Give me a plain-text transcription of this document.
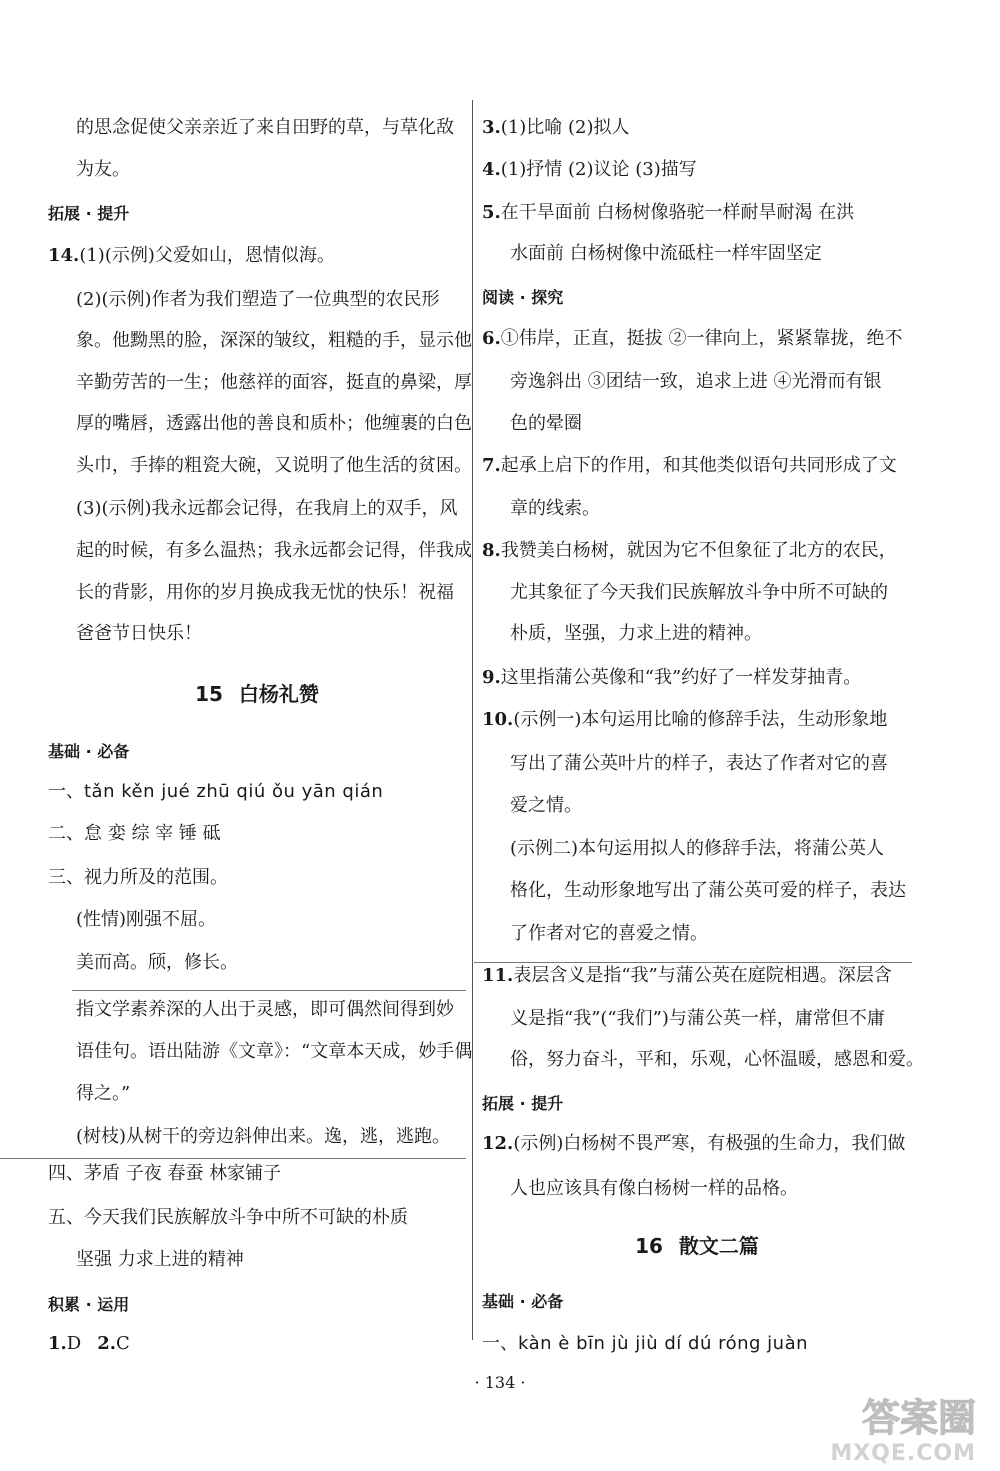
的思念促使父亲亲近了来自田野的草，与草化敌
为友。
拓展 · 提升
14.(1)(示例)父爱如山，恩情似海。
(2)(示例)作者为我们塑造了一位典型的农民形
象。他黝黑的脸，深深的皱纹，粗糙的手，显示他
辛勤劳苦的一生；他慈祥的面容，挺直的鼻梁，厚
厚的嘴唇，透露出他的善良和质朴；他缠裹的白色
头巾，手捧的粗瓷大碗，又说明了他生活的贫困。
(3)(示例)我永远都会记得，在我肩上的双手，风
起的时候，有多么温热；我永远都会记得，伴我成
长的背影，用你的岁月换成我无忧的快乐！祝福
爸爸节日快乐！
15 白杨礼赞
基础 · 必备
一、tǎn kěn jué zhū qiú ǒu yān qián
二、怠 娈 综 宰 锤 砥
三、视力所及的范围。
(性情)刚强不屈。
美而高。颀，修长。
指文学素养深的人出于灵感，即可偶然间得到妙
语佳句。语出陆游《文章》：“文章本天成，妙手偶
得之。”
(树枝)从树干的旁边斜伸出来。逸，逃，逃跑。
四、茅盾 子夜 春蚕 林家铺子
五、今天我们民族解放斗争中所不可缺的朴质
坚强 力求上进的精神
积累 · 运用
1.D 2.C
3.(1)比喻 (2)拟人
4.(1)抒情 (2)议论 (3)描写
5.在干旱面前 白杨树像骆驼一样耐旱耐渴 在洪
水面前 白杨树像中流砥柱一样牢固坚定
阅读 · 探究
6.①伟岸，正直，挺拔 ②一律向上，紧紧靠拢，绝不
旁逸斜出 ③团结一致，追求上进 ④光滑而有银
色的晕圈
7.起承上启下的作用，和其他类似语句共同形成了文
章的线索。
8.我赞美白杨树，就因为它不但象征了北方的农民，
尤其象征了今天我们民族解放斗争中所不可缺的
朴质，坚强，力求上进的精神。
9.这里指蒲公英像和“我”约好了一样发芽抽青。
10.(示例一)本句运用比喻的修辞手法，生动形象地
写出了蒲公英叶片的样子，表达了作者对它的喜
爱之情。
(示例二)本句运用拟人的修辞手法，将蒲公英人
格化，生动形象地写出了蒲公英可爱的样子，表达
了作者对它的喜爱之情。
11.表层含义是指“我”与蒲公英在庭院相遇。深层含
义是指“我”(“我们”)与蒲公英一样，庸常但不庸
俗，努力奋斗，平和，乐观，心怀温暖，感恩和爱。
拓展 · 提升
12.(示例)白杨树不畏严寒，有极强的生命力，我们做
人也应该具有像白杨树一样的品格。
16 散文二篇
基础 · 必备
一、kàn è bīn jù jiù dí dú róng juàn
· 134 ·
答案圈
MXQE.COM
